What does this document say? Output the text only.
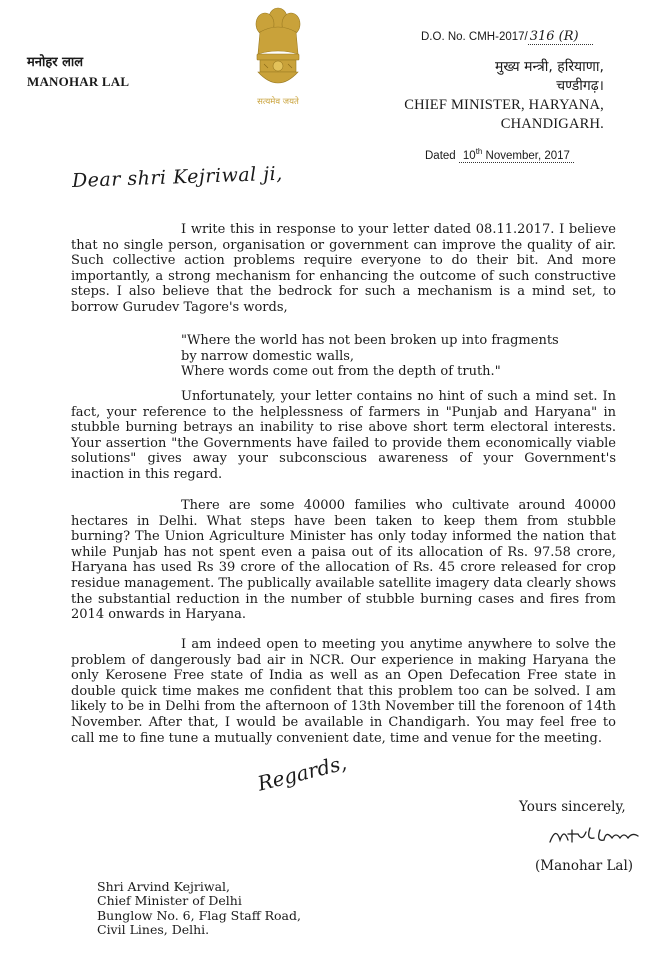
मनोहर लाल
MANOHAR LAL
सत्यमेव जयते
D.O. No. CMH-2017/ 316 (R)
मुख्य मन्त्री, हरियाणा,
चण्डीगढ़।
CHIEF MINISTER, HARYANA,
CHANDIGARH.
Dated 10th November, 2017
Dear shri Kejriwal ji,

I write this in response to your letter dated 08.11.2017. I believe that no single person, organisation or government can improve the quality of air. Such collective action problems require everyone to do their bit. And more importantly, a strong mechanism for enhancing the outcome of such constructive steps. I also believe that the bedrock for such a mechanism is a mind set, to borrow Gurudev Tagore's words,

"Where the world has not been broken up into fragments
by narrow domestic walls,
Where words come out from the depth of truth."

Unfortunately, your letter contains no hint of such a mind set. In fact, your reference to the helplessness of farmers in "Punjab and Haryana" in stubble burning betrays an inability to rise above short term electoral interests. Your assertion "the Governments have failed to provide them economically viable solutions" gives away your subconscious awareness of your Government's inaction in this regard.

There are some 40000 families who cultivate around 40000 hectares in Delhi. What steps have been taken to keep them from stubble burning? The Union Agriculture Minister has only today informed the nation that while Punjab has not spent even a paisa out of its allocation of Rs. 97.58 crore, Haryana has used Rs 39 crore of the allocation of Rs. 45 crore released for crop residue management. The publically available satellite imagery data clearly shows the substantial reduction in the number of stubble burning cases and fires from 2014 onwards in Haryana.

I am indeed open to meeting you anytime anywhere to solve the problem of dangerously bad air in NCR. Our experience in making Haryana the only Kerosene Free state of India as well as an Open Defecation Free state in double quick time makes me confident that this problem too can be solved. I am likely to be in Delhi from the afternoon of 13th November till the forenoon of 14th November. After that, I would be available in Chandigarh. You may feel free to call me to fine tune a mutually convenient date, time and venue for the meeting.

Regards,
Yours sincerely,
(Manohar Lal)
Shri Arvind Kejriwal,
Chief Minister of Delhi
Bunglow No. 6, Flag Staff Road,
Civil Lines, Delhi.
